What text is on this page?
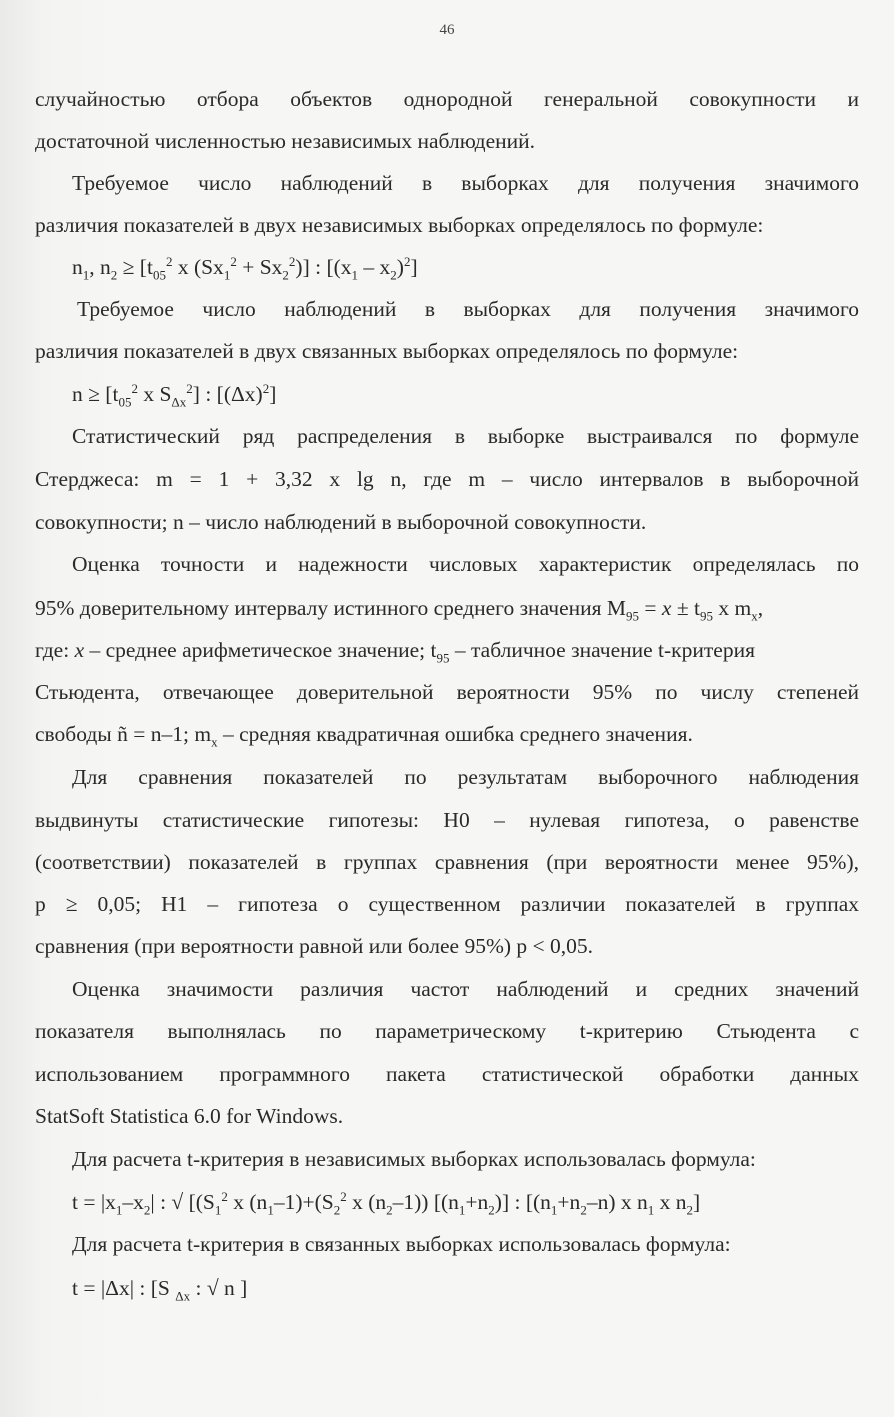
46
случайностью отбора объектов однородной генеральной совокупности и
достаточной численностью независимых наблюдений.
Требуемое число наблюдений в выборках для получения значимого
различия показателей в двух независимых выборках определялось по формуле:
$n_1$, $n_2 \ge [t_{05}^2$ x $(Sx_1^2 + Sx_2^2)$] : $[(x_1 - x_2)^2]$
Требуемое число наблюдений в выборках для получения значимого
различия показателей в двух связанных выборках определялось по формуле:
$n \ge [t_{05}^2$ x $S_{\Delta x}^2$] : $[(\Delta x)^2]$
Статистический ряд распределения в выборке выстраивался по формуле
Стерджеса: m = 1 + 3,32 x lg n, где m – число интервалов в выборочной
совокупности; n – число наблюдений в выборочной совокупности.
Оценка точности и надежности числовых характеристик определялась по
95% доверительному интервалу истинного среднего значения $М_{95} = x \pm t_{95}$ x $m_x$,
где: x – среднее арифметическое значение; $t_{95}$ – табличное значение t-критерия
Стьюдента, отвечающее доверительной вероятности 95% по числу степеней
свободы ñ = n–1; $m_x$ – средняя квадратичная ошибка среднего значения.
Для сравнения показателей по результатам выборочного наблюдения
выдвинуты статистические гипотезы: Н0 – нулевая гипотеза, о равенстве
(соответствии) показателей в группах сравнения (при вероятности менее 95%),
р ≥ 0,05; Н1 – гипотеза о существенном различии показателей в группах
сравнения (при вероятности равной или более 95%) р < 0,05.
Оценка значимости различия частот наблюдений и средних значений
показателя выполнялась по параметрическому t-критерию Стьюдента с
использованием программного пакета статистической обработки данных
StatSoft Statistica 6.0 for Windows.
Для расчета t-критерия в независимых выборках использовалась формула:
$t = |x_1-x_2|$ : √ [($S_1^2$ x $(n_1-1)+(S_2^2$ x $(n_2-1)$) $[(n_1+n_2)]$ : [$(n_1+n_2-n)$ x $n_1$ x $n_2$]
Для расчета t-критерия в связанных выборках использовалась формула:
t = |Δx| : [S $_{\Delta x}$ : √ n ]
